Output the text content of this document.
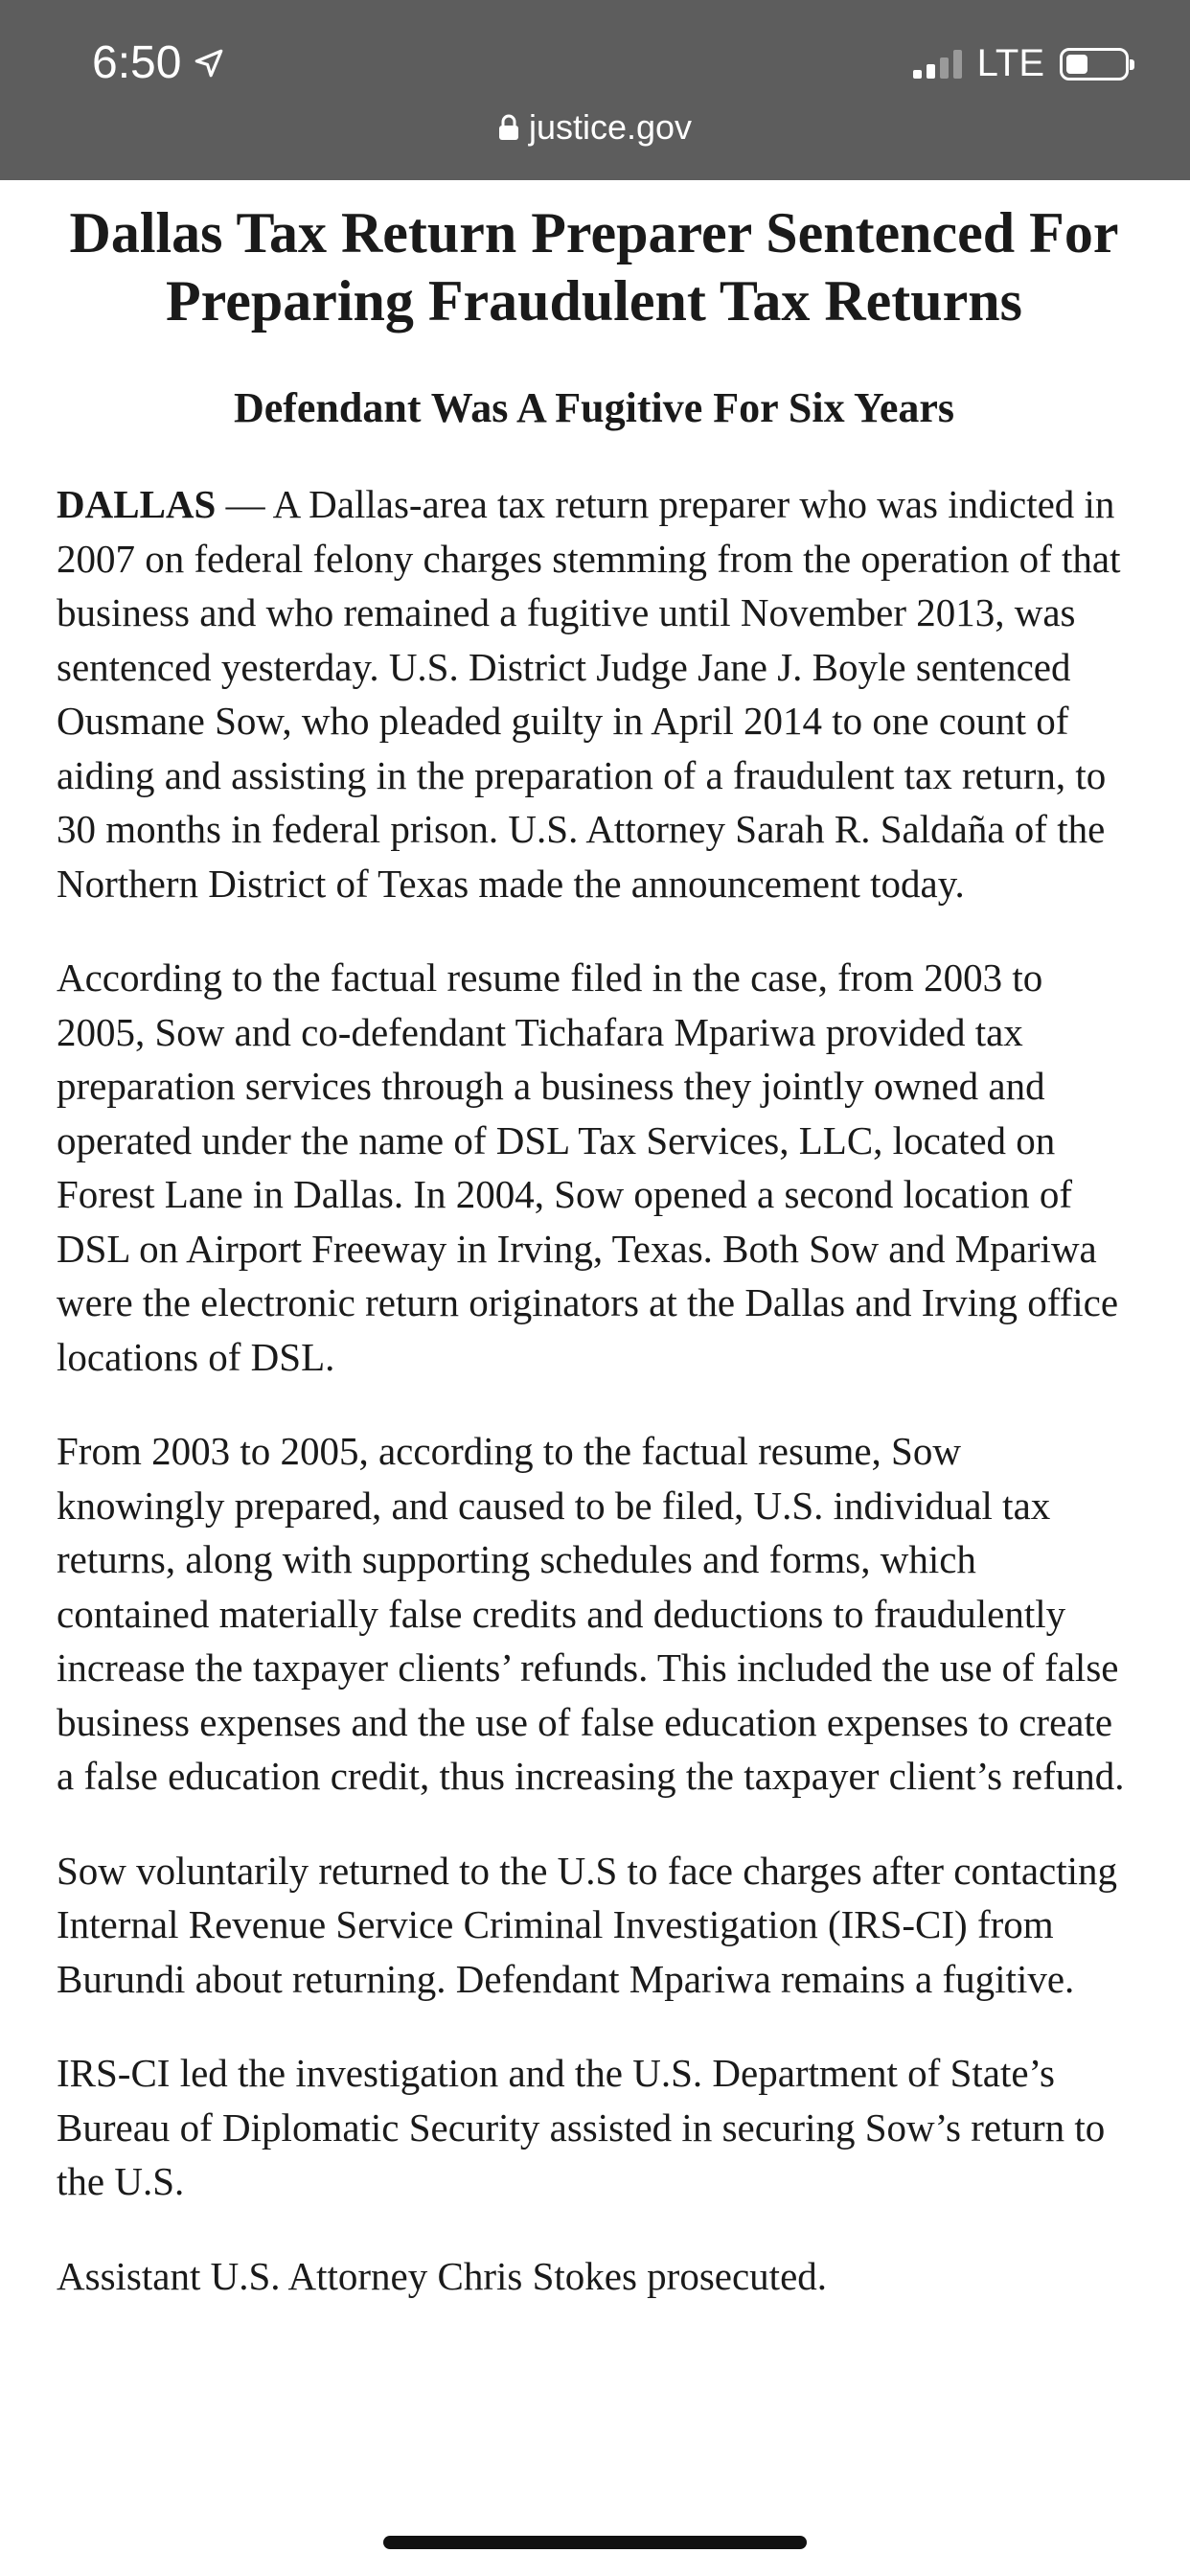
6:50	LTE
justice.gov
Dallas Tax Return Preparer Sentenced For Preparing Fraudulent Tax Returns
Defendant Was A Fugitive For Six Years

DALLAS — A Dallas-area tax return preparer who was indicted in 2007 on federal felony charges stemming from the operation of that business and who remained a fugitive until November 2013, was sentenced yesterday. U.S. District Judge Jane J. Boyle sentenced Ousmane Sow, who pleaded guilty in April 2014 to one count of aiding and assisting in the preparation of a fraudulent tax return, to 30 months in federal prison. U.S. Attorney Sarah R. Saldaña of the Northern District of Texas made the announcement today.

According to the factual resume filed in the case, from 2003 to 2005, Sow and co-defendant Tichafara Mpariwa provided tax preparation services through a business they jointly owned and operated under the name of DSL Tax Services, LLC, located on Forest Lane in Dallas. In 2004, Sow opened a second location of DSL on Airport Freeway in Irving, Texas. Both Sow and Mpariwa were the electronic return originators at the Dallas and Irving office locations of DSL.

From 2003 to 2005, according to the factual resume, Sow knowingly prepared, and caused to be filed, U.S. individual tax returns, along with supporting schedules and forms, which contained materially false credits and deductions to fraudulently increase the taxpayer clients’ refunds. This included the use of false business expenses and the use of false education expenses to create a false education credit, thus increasing the taxpayer client’s refund.

Sow voluntarily returned to the U.S to face charges after contacting Internal Revenue Service Criminal Investigation (IRS-CI) from Burundi about returning. Defendant Mpariwa remains a fugitive.

IRS-CI led the investigation and the U.S. Department of State’s Bureau of Diplomatic Security assisted in securing Sow’s return to the U.S.

Assistant U.S. Attorney Chris Stokes prosecuted.
